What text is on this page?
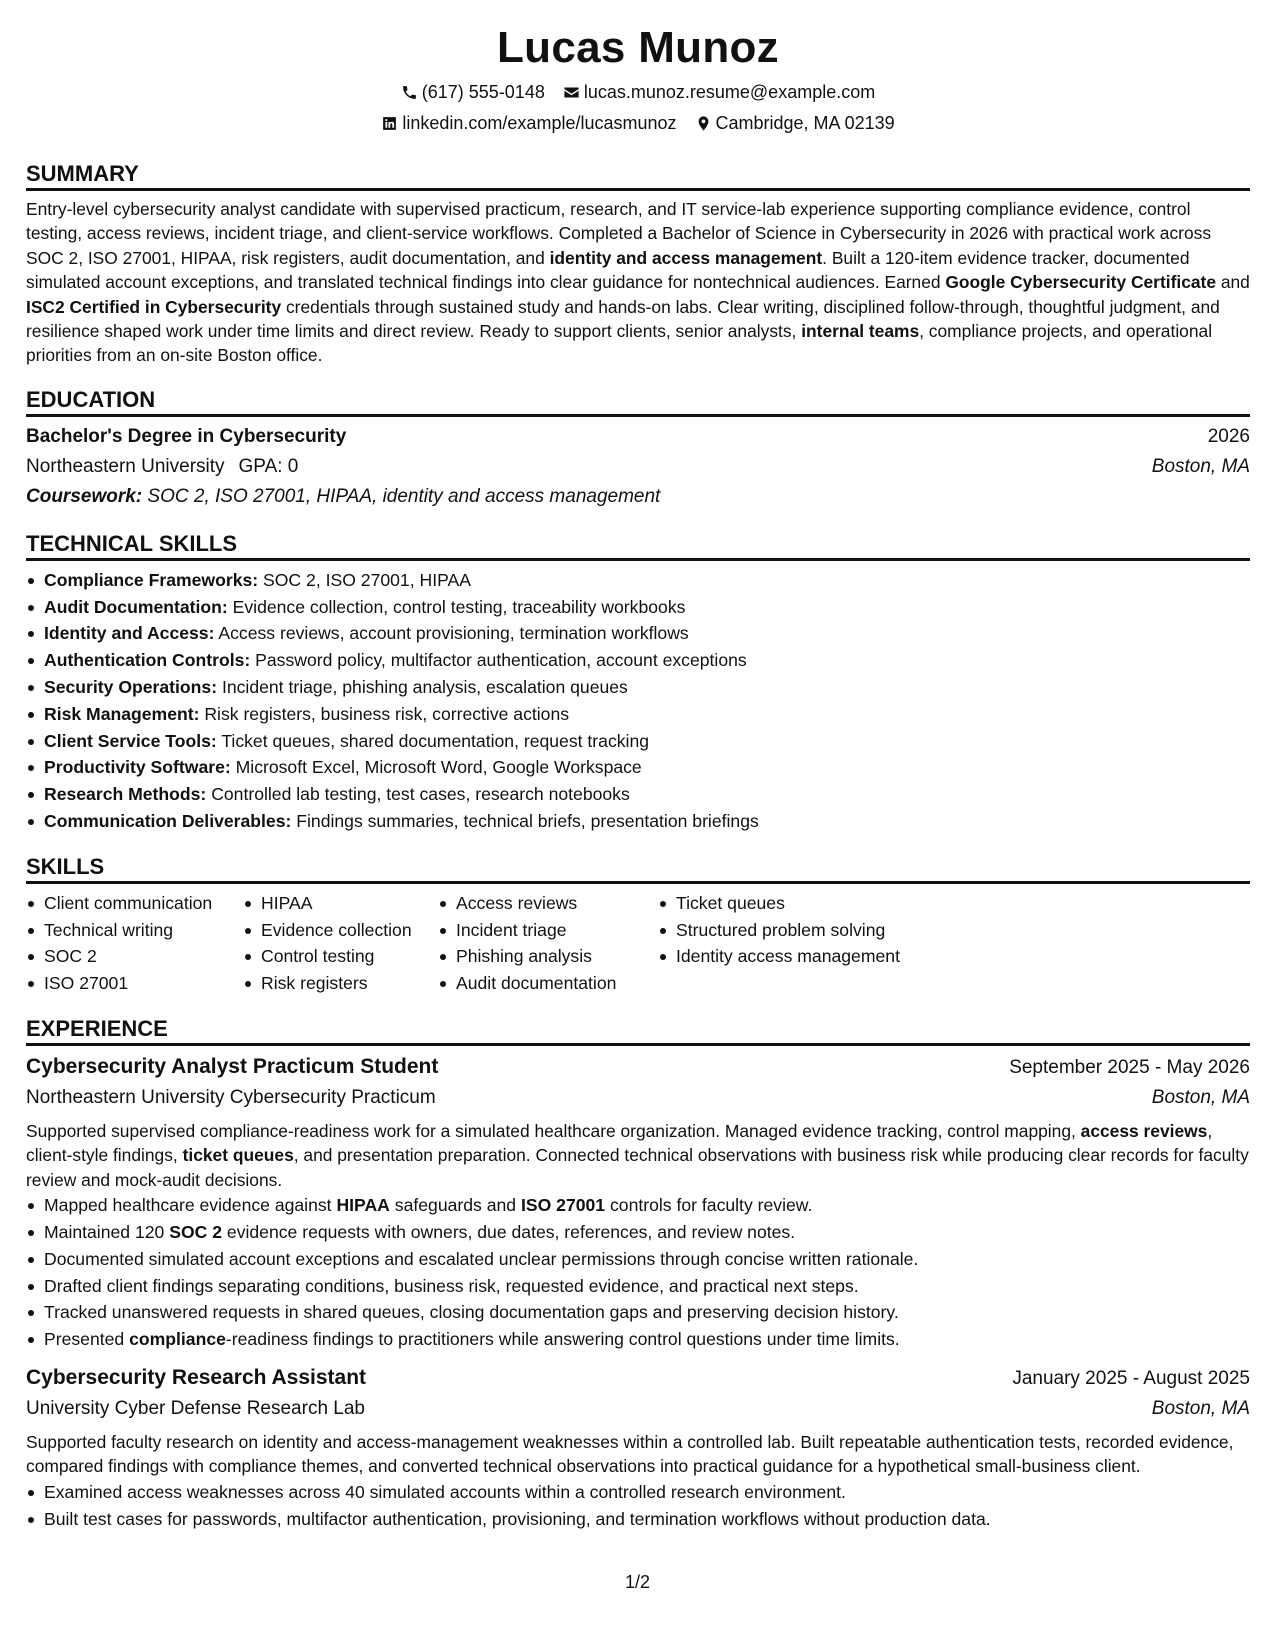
Lucas Munoz
(617) 555-0148 lucas.munoz.resume@example.com
linkedin.com/example/lucasmunoz Cambridge, MA 02139
SUMMARY

Entry-level cybersecurity analyst candidate with supervised practicum, research, and IT service-lab experience supporting compliance evidence, control testing, access reviews, incident triage, and client-service workflows. Completed a Bachelor of Science in Cybersecurity in 2026 with practical work across SOC 2, ISO 27001, HIPAA, risk registers, audit documentation, and identity and access management. Built a 120-item evidence tracker, documented simulated account exceptions, and translated technical findings into clear guidance for nontechnical audiences. Earned Google Cybersecurity Certificate and ISC2 Certified in Cybersecurity credentials through sustained study and hands-on labs. Clear writing, disciplined follow-through, thoughtful judgment, and resilience shaped work under time limits and direct review. Ready to support clients, senior analysts, internal teams, compliance projects, and operational priorities from an on-site Boston office.

EDUCATION
Bachelor's Degree in Cybersecurity	2026
Northeastern University GPA: 0	Boston, MA
Coursework: SOC 2, ISO 27001, HIPAA, identity and access management
TECHNICAL SKILLS
Compliance Frameworks: SOC 2, ISO 27001, HIPAA
Audit Documentation: Evidence collection, control testing, traceability workbooks
Identity and Access: Access reviews, account provisioning, termination workflows
Authentication Controls: Password policy, multifactor authentication, account exceptions
Security Operations: Incident triage, phishing analysis, escalation queues
Risk Management: Risk registers, business risk, corrective actions
Client Service Tools: Ticket queues, shared documentation, request tracking
Productivity Software: Microsoft Excel, Microsoft Word, Google Workspace
Research Methods: Controlled lab testing, test cases, research notebooks
Communication Deliverables: Findings summaries, technical briefs, presentation briefings
SKILLS
Client communication
Technical writing
SOC 2
ISO 27001
HIPAA
Evidence collection
Control testing
Risk registers
Access reviews
Incident triage
Phishing analysis
Audit documentation
Ticket queues
Structured problem solving
Identity access management
EXPERIENCE
Cybersecurity Analyst Practicum Student	September 2025 - May 2026
Northeastern University Cybersecurity Practicum	Boston, MA

Supported supervised compliance-readiness work for a simulated healthcare organization. Managed evidence tracking, control mapping, access reviews, client-style findings, ticket queues, and presentation preparation. Connected technical observations with business risk while producing clear records for faculty review and mock-audit decisions.

Mapped healthcare evidence against HIPAA safeguards and ISO 27001 controls for faculty review.
Maintained 120 SOC 2 evidence requests with owners, due dates, references, and review notes.
Documented simulated account exceptions and escalated unclear permissions through concise written rationale.
Drafted client findings separating conditions, business risk, requested evidence, and practical next steps.
Tracked unanswered requests in shared queues, closing documentation gaps and preserving decision history.
Presented compliance-readiness findings to practitioners while answering control questions under time limits.
Cybersecurity Research Assistant	January 2025 - August 2025
University Cyber Defense Research Lab	Boston, MA

Supported faculty research on identity and access-management weaknesses within a controlled lab. Built repeatable authentication tests, recorded evidence, compared findings with compliance themes, and converted technical observations into practical guidance for a hypothetical small-business client.

Examined access weaknesses across 40 simulated accounts within a controlled research environment.
Built test cases for passwords, multifactor authentication, provisioning, and termination workflows without production data.
1/2
